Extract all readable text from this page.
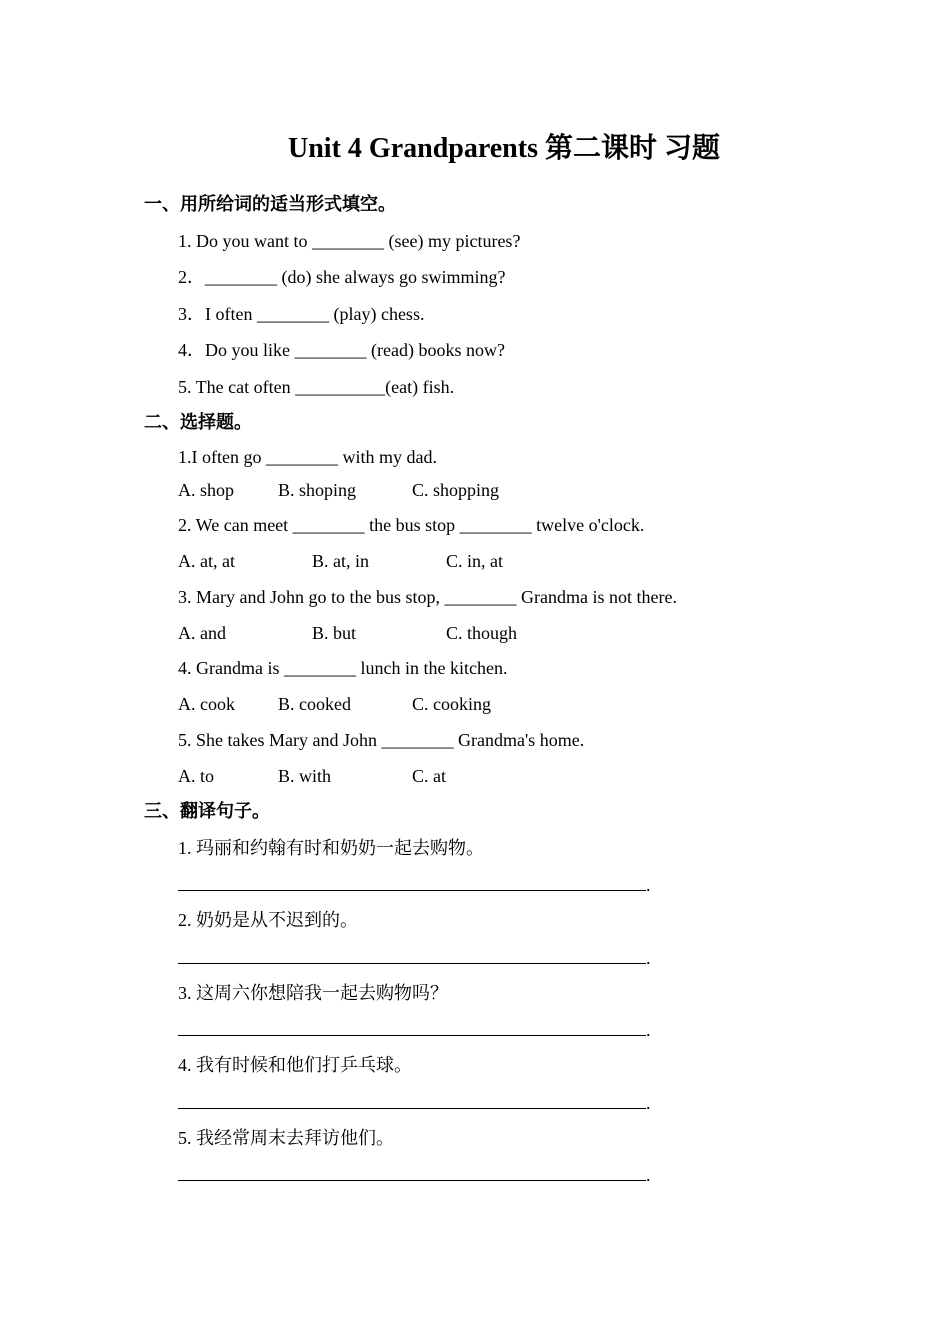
Unit 4 Grandparents 第二课时 习题
一、用所给词的适当形式填空。
1. Do you want to ________ (see) my pictures?
2．________ (do) she always go swimming?
3．I often ________ (play) chess.
4．Do you like ________ (read) books now?
5. The cat often __________(eat) fish.
二、选择题。
1.I often go ________ with my dad.
A. shop B. shoping	C. shopping
2. We can meet ________ the bus stop ________ twelve o'clock.
A. at, at	B. at, in	C. in, at
3. Mary and John go to the bus stop, ________ Grandma is not there.
A. and	B. but	C. though
4. Grandma is ________ lunch in the kitchen.
A. cook B. cooked	C. cooking
5. She takes Mary and John ________ Grandma's home.
A. to	B. with	C. at
三、翻译句子。
1. 玛丽和约翰有时和奶奶一起去购物。
.
2. 奶奶是从不迟到的。
.
3. 这周六你想陪我一起去购物吗？
.
4. 我有时候和他们打乒乓球。
.
5. 我经常周末去拜访他们。
.
